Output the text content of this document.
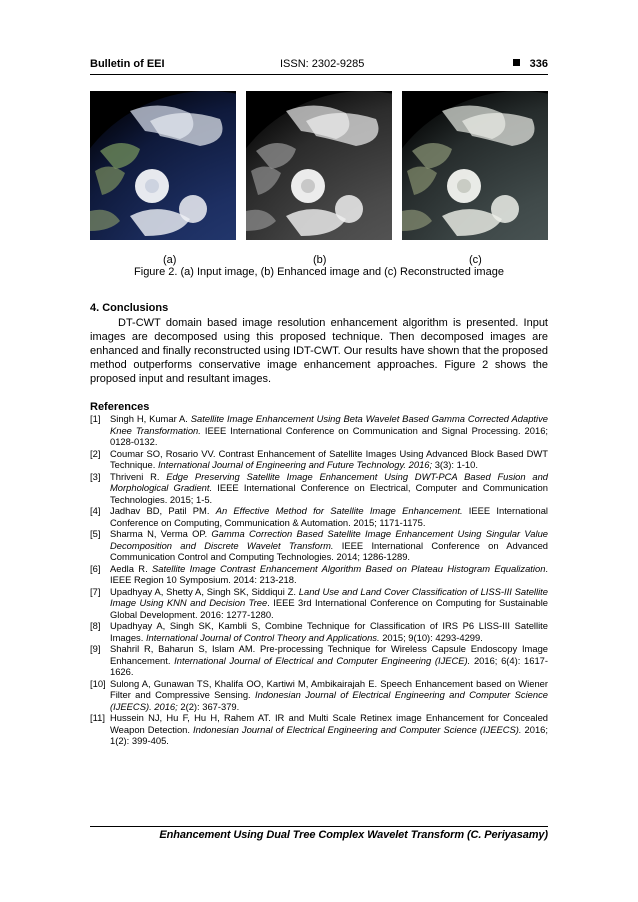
Bulletin of EEI	ISSN: 2302-9285	336
(a)	(b)	(c)
Figure 2. (a) Input image, (b) Enhanced image and (c) Reconstructed image
4. Conclusions
DT-CWT domain based image resolution enhancement algorithm is presented. Input images are decomposed using this proposed technique. Then decomposed images are enhanced and finally reconstructed using IDT-CWT. Our results have shown that the proposed method outperforms conservative image enhancement approaches. Figure 2 shows the proposed input and resultant images.
References
[1] Singh H, Kumar A. Satellite Image Enhancement Using Beta Wavelet Based Gamma Corrected Adaptive Knee Transformation. IEEE International Conference on Communication and Signal Processing. 2016; 0128-0132.
[2] Coumar SO, Rosario VV. Contrast Enhancement of Satellite Images Using Advanced Block Based DWT Technique. International Journal of Engineering and Future Technology. 2016; 3(3): 1-10.
[3] Thriveni R. Edge Preserving Satellite Image Enhancement Using DWT-PCA Based Fusion and Morphological Gradient. IEEE International Conference on Electrical, Computer and Communication Technologies. 2015; 1-5.
[4] Jadhav BD, Patil PM. An Effective Method for Satellite Image Enhancement. IEEE International Conference on Computing, Communication & Automation. 2015; 1171-1175.
[5] Sharma N, Verma OP. Gamma Correction Based Satellite Image Enhancement Using Singular Value Decomposition and Discrete Wavelet Transform. IEEE International Conference on Advanced Communication Control and Computing Technologies. 2014; 1286-1289.
[6] Aedla R. Satellite Image Contrast Enhancement Algorithm Based on Plateau Histogram Equalization. IEEE Region 10 Symposium. 2014: 213-218.
[7] Upadhyay A, Shetty A, Singh SK, Siddiqui Z. Land Use and Land Cover Classification of LISS-III Satellite Image Using KNN and Decision Tree. IEEE 3rd International Conference on Computing for Sustainable Global Development. 2016: 1277-1280.
[8] Upadhyay A, Singh SK, Kambli S, Combine Technique for Classification of IRS P6 LISS-III Satellite Images. International Journal of Control Theory and Applications. 2015; 9(10): 4293-4299.
[9] Shahril R, Baharun S, Islam AM. Pre-processing Technique for Wireless Capsule Endoscopy Image Enhancement. International Journal of Electrical and Computer Engineering (IJECE). 2016; 6(4): 1617-1626.
[10] Sulong A, Gunawan TS, Khalifa OO, Kartiwi M, Ambikairajah E. Speech Enhancement based on Wiener Filter and Compressive Sensing. Indonesian Journal of Electrical Engineering and Computer Science (IJEECS). 2016; 2(2): 367-379.
[11] Hussein NJ, Hu F, Hu H, Rahem AT. IR and Multi Scale Retinex image Enhancement for Concealed Weapon Detection. Indonesian Journal of Electrical Engineering and Computer Science (IJEECS). 2016; 1(2): 399-405.
Enhancement Using Dual Tree Complex Wavelet Transform (C. Periyasamy)
